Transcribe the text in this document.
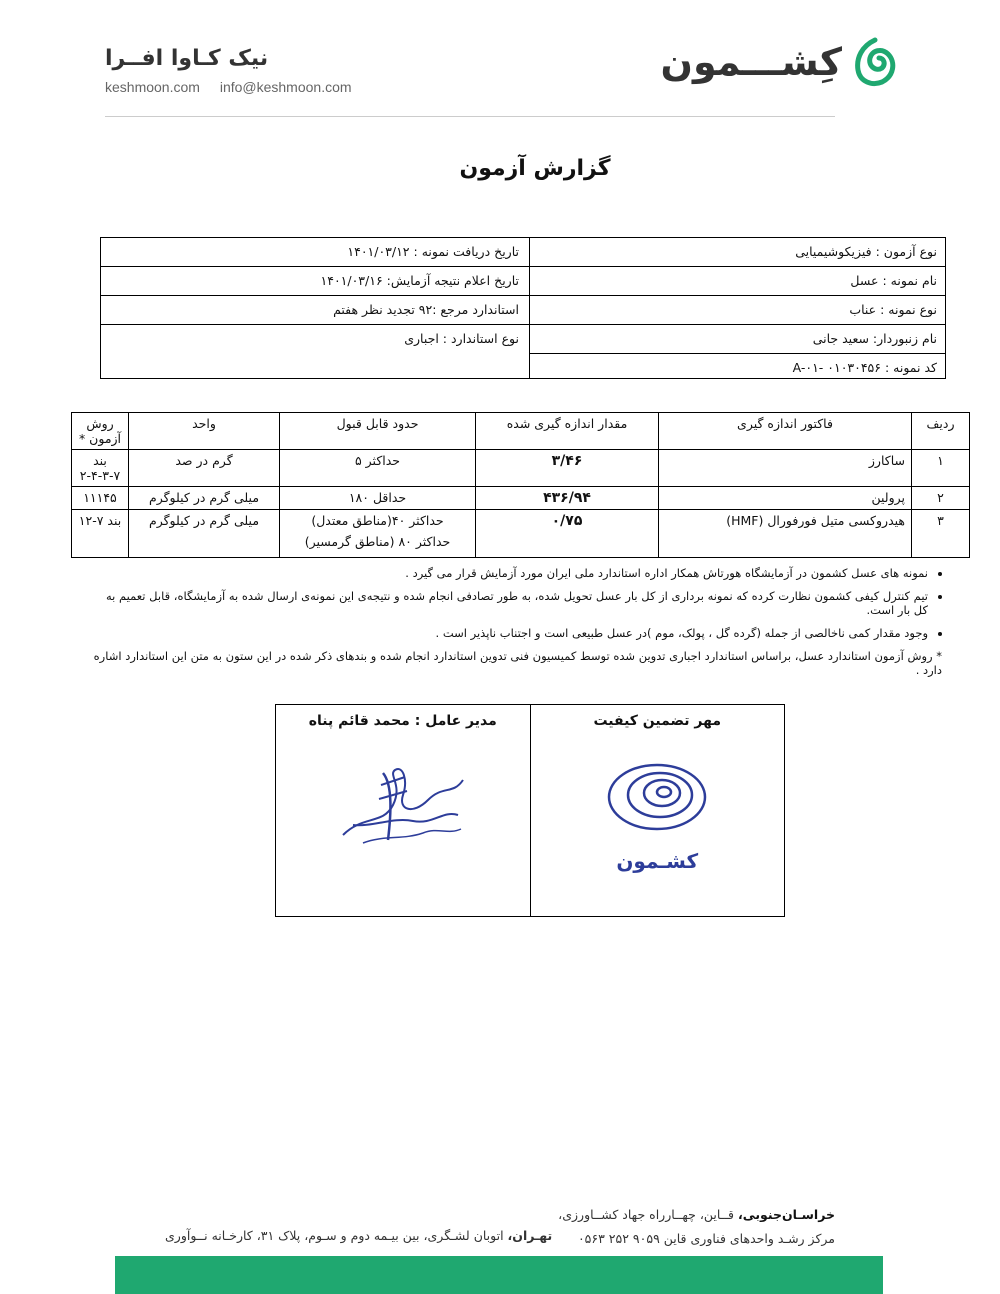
نیک کـاوا افــرا
keshmoon.com info@keshmoon.com
کِشـــمون
گزارش آزمون
نوع آزمون : فیزیکوشیمیایی
نام نمونه : عسل
نوع نمونه : عناب
نام زنبوردار: سعید جانی
کد نمونه : A-۰۱- ۰۱۰۳۰۴۵۶
تاریخ دریافت نمونه : ۱۴۰۱/۰۳/۱۲
تاریخ اعلام نتیجه آزمایش: ۱۴۰۱/۰۳/۱۶
استاندارد مرجع :۹۲ تجدید نظر هفتم
نوع استاندارد : اجباری
ردیف	فاکتور اندازه گیری	مقدار اندازه گیری شده	حدود قابل قبول	واحد	روش آزمون *
۱	ساکارز	۳/۴۶	حداکثر ۵	گرم در صد	بند ۷-۳-۴-۲
۲	پرولین	۴۳۶/۹۴	حداقل ۱۸۰	میلی گرم در کیلوگرم	۱۱۱۴۵
۳	هیدروکسی متیل فورفورال (HMF)	۰/۷۵	حداکثر ۴۰(مناطق معتدل)
حداکثر ۸۰ (مناطق گرمسیر)	میلی گرم در کیلوگرم	بند ۷-۱۲
• نمونه های عسل کشمون در آزمایشگاه هورتاش همکار اداره استاندارد ملی ایران مورد آزمایش قرار می گیرد .
• تیم کنترل کیفی کشمون نظارت کرده که نمونه برداری از کل بار عسل تحویل شده، به طور تصادفی انجام شده و نتیجه‌ی این نمونه‌ی ارسال شده به آزمایشگاه، قابل تعمیم به کل بار است.
• وجود مقدار کمی ناخالصی از جمله (گرده گل ، پولک، موم )در عسل طبیعی است و اجتناب ناپذیر است .
* روش آزمون استاندارد عسل، براساس استاندارد اجباری تدوین شده توسط کمیسیون فنی تدوین استاندارد انجام شده و بندهای ذکر شده در این ستون به متن این استاندارد اشاره دارد .
مهر تضمین کیفیت
کشـمون
مدیر عامل : محمد قائم پناه
خراسـان‌جنوبی، قــاین، چهــارراه جهاد کشــاورزی،
مرکز رشـد واحدهای فناوری قاین ۹۰۵۹ ۲۵۲ ۰۵۶۳
تهـران، اتوبان لشـگری، بین بیـمه دوم و سـوم، پلاک ۳۱، کارخـانه نــوآوری
